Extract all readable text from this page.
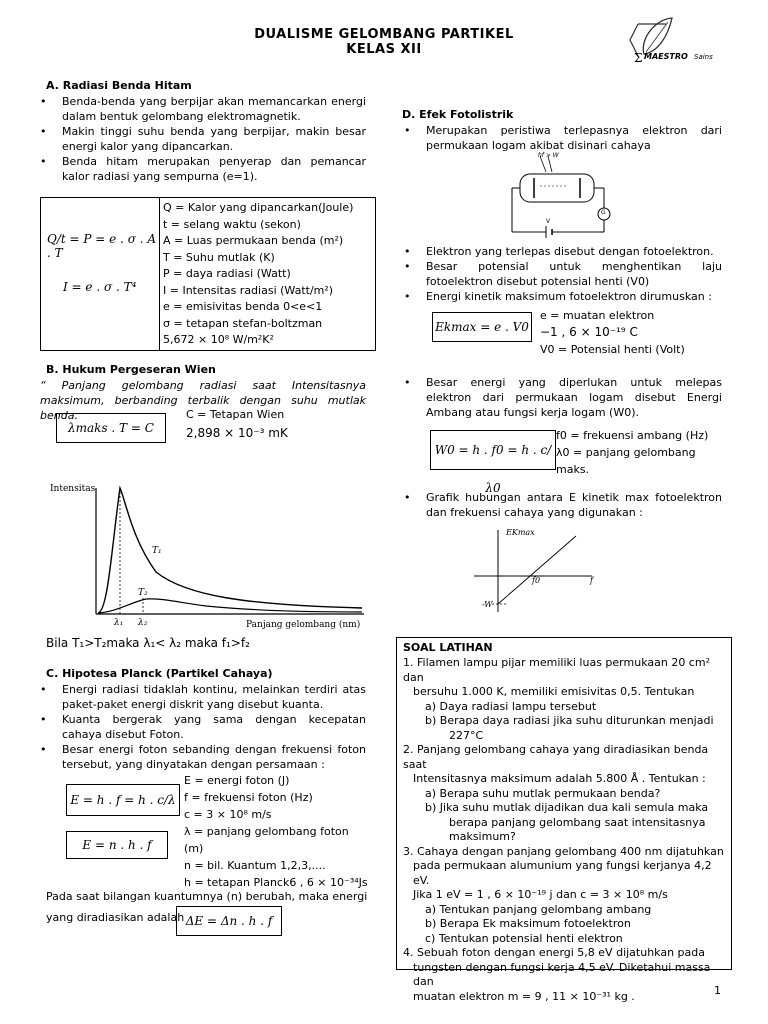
DUALISME GELOMBANG PARTIKEL
KELAS XII
Σ MAESTRO Sains
A. Radiasi Benda Hitam
• Benda-benda yang berpijar akan memancarkan energi dalam bentuk gelombang elektromagnetik.
• Makin tinggi suhu benda yang berpijar, makin besar energi kalor yang dipancarkan.
• Benda hitam merupakan penyerap dan pemancar kalor radiasi yang sempurna (e=1).
Q/t = P = e . σ . A . T
I = e . σ . T⁴
Q = Kalor yang dipancarkan(Joule)
t = selang waktu (sekon)
A = Luas permukaan benda (m²)
T = Suhu mutlak (K)
P = daya radiasi (Watt)
I = Intensitas radiasi (Watt/m²)
e = emisivitas benda 0<e<1
σ = tetapan stefan-boltzman
5,672 × 10⁸ W/m²K²
B. Hukum Pergeseran Wien
“ Panjang gelombang radiasi saat Intensitasnya maksimum, berbanding terbalik dengan suhu mutlak benda.
λmaks . T = C
C = Tetapan Wien
2,898 × 10⁻³ mK
Intensitas
Panjang gelombang (nm)
T₁
T₂
λ₁ λ₂
Bila T₁>T₂maka λ₁< λ₂ maka f₁>f₂
C. Hipotesa Planck (Partikel Cahaya)
• Energi radiasi tidaklah kontinu, melainkan terdiri atas paket-paket energi diskrit yang disebut kuanta.
• Kuanta bergerak yang sama dengan kecepatan cahaya disebut Foton.
• Besar energi foton sebanding dengan frekuensi foton tersebut, yang dinyatakan dengan persamaan :
E = h . f = h . c/λ
E = n . h . f
E = energi foton (J)
f = frekuensi foton (Hz)
c = 3 × 10⁸ m/s
λ = panjang gelombang foton (m)
n = bil. Kuantum 1,2,3,....
h = tetapan Planck6 , 6 × 10⁻³⁴Js
Pada saat bilangan kuantumnya (n) berubah, maka energi
yang diradiasikan adalah ΔE = Δn . h . f
D. Efek Fotolistrik
• Merupakan peristiwa terlepasnya elektron dari permukaan logam akibat disinari cahaya
hf > W
V
G
• Elektron yang terlepas disebut dengan fotoelektron.
• Besar potensial untuk menghentikan laju fotoelektron disebut potensial henti (V0)
• Energi kinetik maksimum fotoelektron dirumuskan :
Ekmax = e . V0
e = muatan elektron
−1 , 6 × 10⁻¹⁹ C
V0 = Potensial henti (Volt)
• Besar energi yang diperlukan untuk melepas elektron dari permukaan logam disebut Energi Ambang atau fungsi kerja logam (W0).
W0 = h . f0 = h . c/λ0
f0 = frekuensi ambang (Hz)
λ0 = panjang gelombang maks.
• Grafik hubungan antara E kinetik max fotoelektron dan frekuensi cahaya yang digunakan :
EKmax
f0	f
-W
SOAL LATIHAN
1. Filamen lampu pijar memiliki luas permukaan 20 cm² dan
bersuhu 1.000 K, memiliki emisivitas 0,5. Tentukan
a) Daya radiasi lampu tersebut
b) Berapa daya radiasi jika suhu diturunkan menjadi
227°C
2. Panjang gelombang cahaya yang diradiasikan benda saat
Intensitasnya maksimum adalah 5.800 Å . Tentukan :
a) Berapa suhu mutlak permukaan benda?
b) Jika suhu mutlak dijadikan dua kali semula maka
berapa panjang gelombang saat intensitasnya
maksimum?
3. Cahaya dengan panjang gelombang 400 nm dijatuhkan
pada permukaan alumunium yang fungsi kerjanya 4,2 eV.
Jika 1 eV = 1 , 6 × 10⁻¹⁹ j dan c = 3 × 10⁸ m/s
a) Tentukan panjang gelombang ambang
b) Berapa Ek maksimum fotoelektron
c) Tentukan potensial henti elektron
4. Sebuah foton dengan energi 5,8 eV dijatuhkan pada
tungsten dengan fungsi kerja 4,5 eV. Diketahui massa dan
muatan elektron m = 9 , 11 × 10⁻³¹ kg .	1
